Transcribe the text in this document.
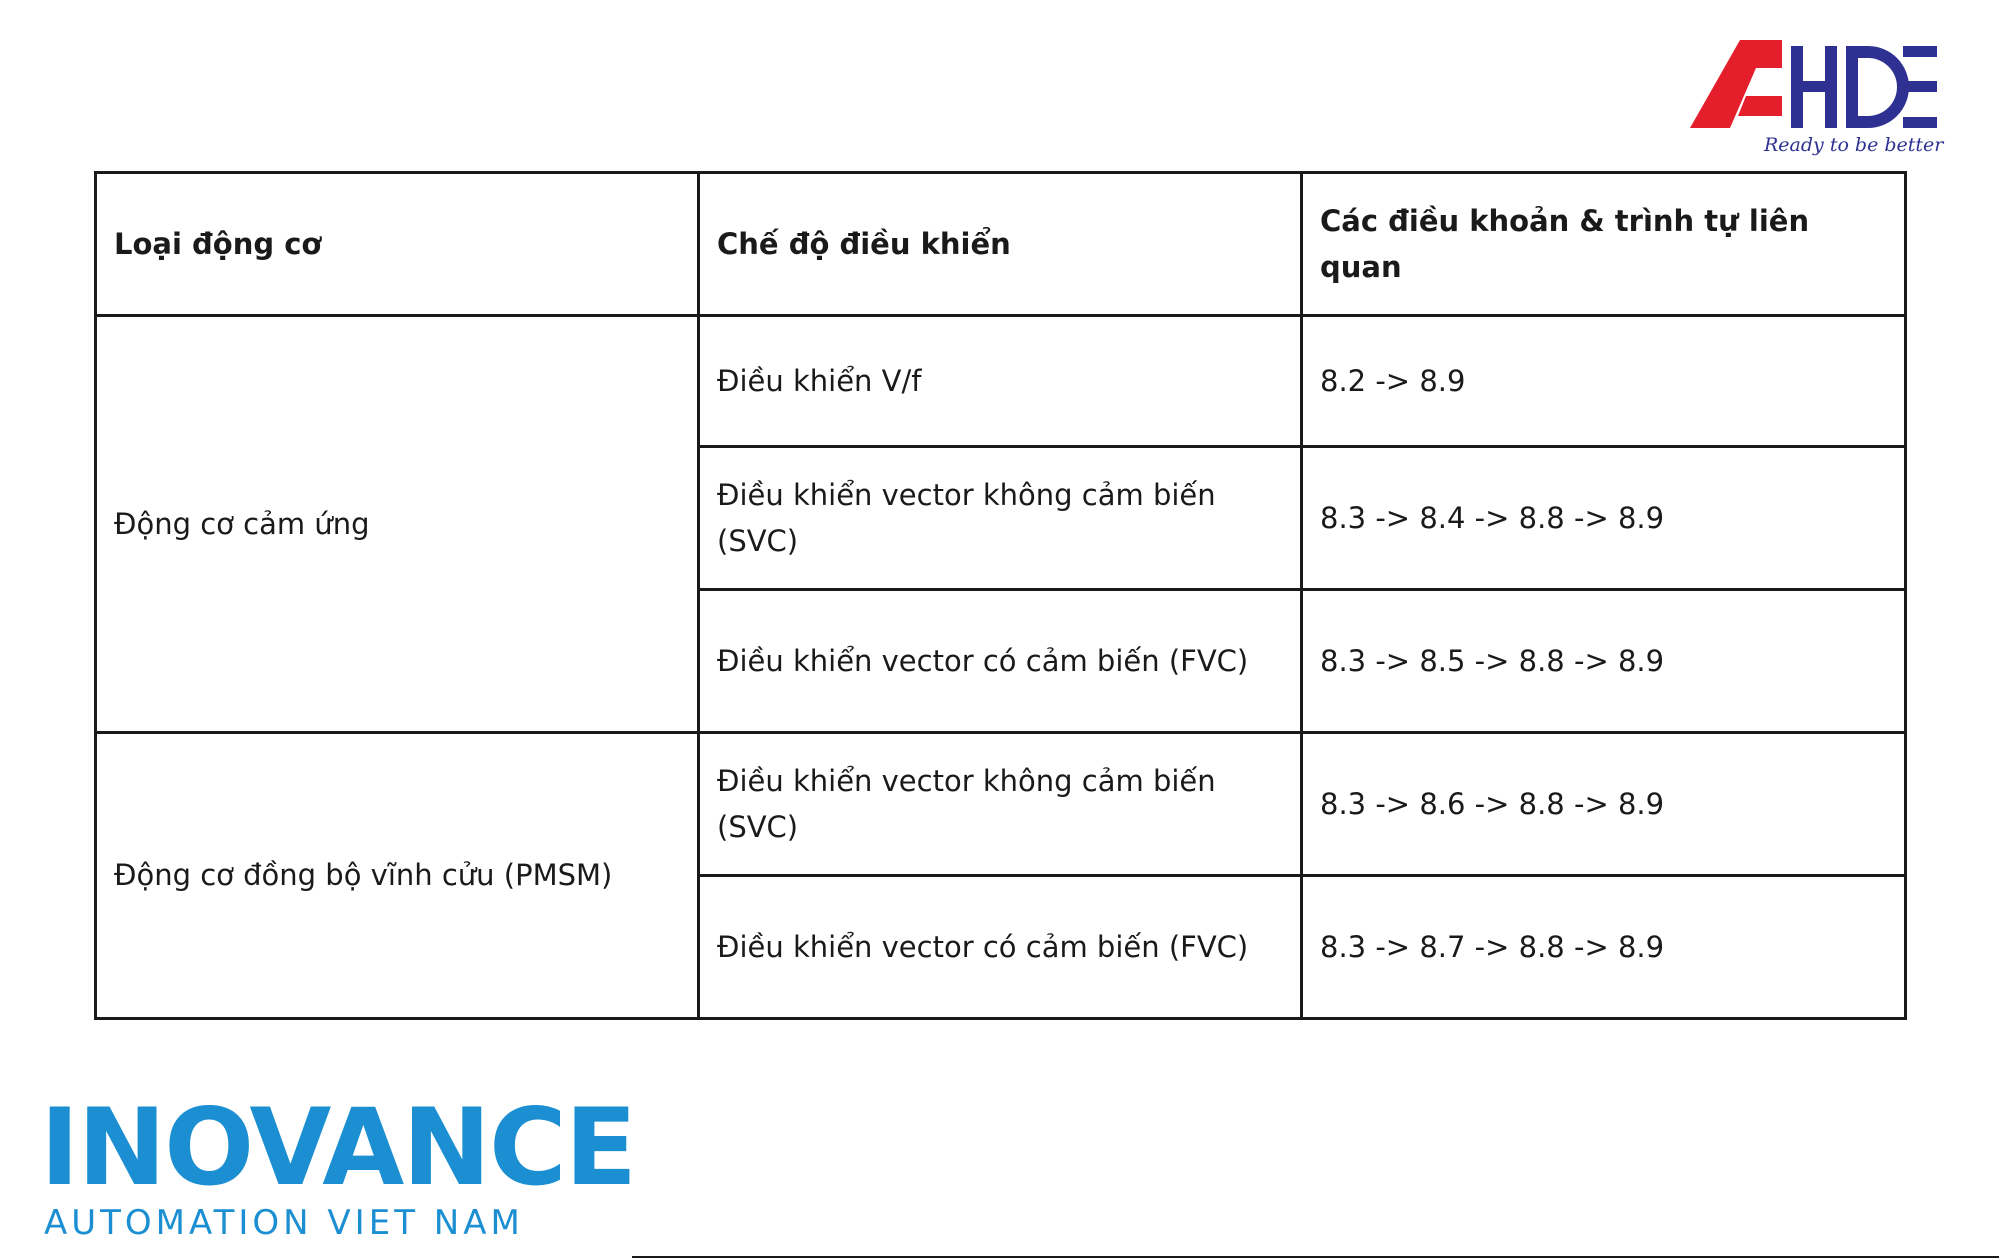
Ready to be better
Loại động cơ	Chế độ điều khiển	Các điều khoản & trình tự liên quan
Động cơ cảm ứng	Điều khiển V/f	8.2 -> 8.9
	Điều khiển vector không cảm biến (SVC)	8.3 -> 8.4 -> 8.8 -> 8.9
	Điều khiển vector có cảm biến (FVC)	8.3 -> 8.5 -> 8.8 -> 8.9
Động cơ đồng bộ vĩnh cửu (PMSM)	Điều khiển vector không cảm biến (SVC)	8.3 -> 8.6 -> 8.8 -> 8.9
	Điều khiển vector có cảm biến (FVC)	8.3 -> 8.7 -> 8.8 -> 8.9
INOVANCE
AUTOMATION VIET NAM
